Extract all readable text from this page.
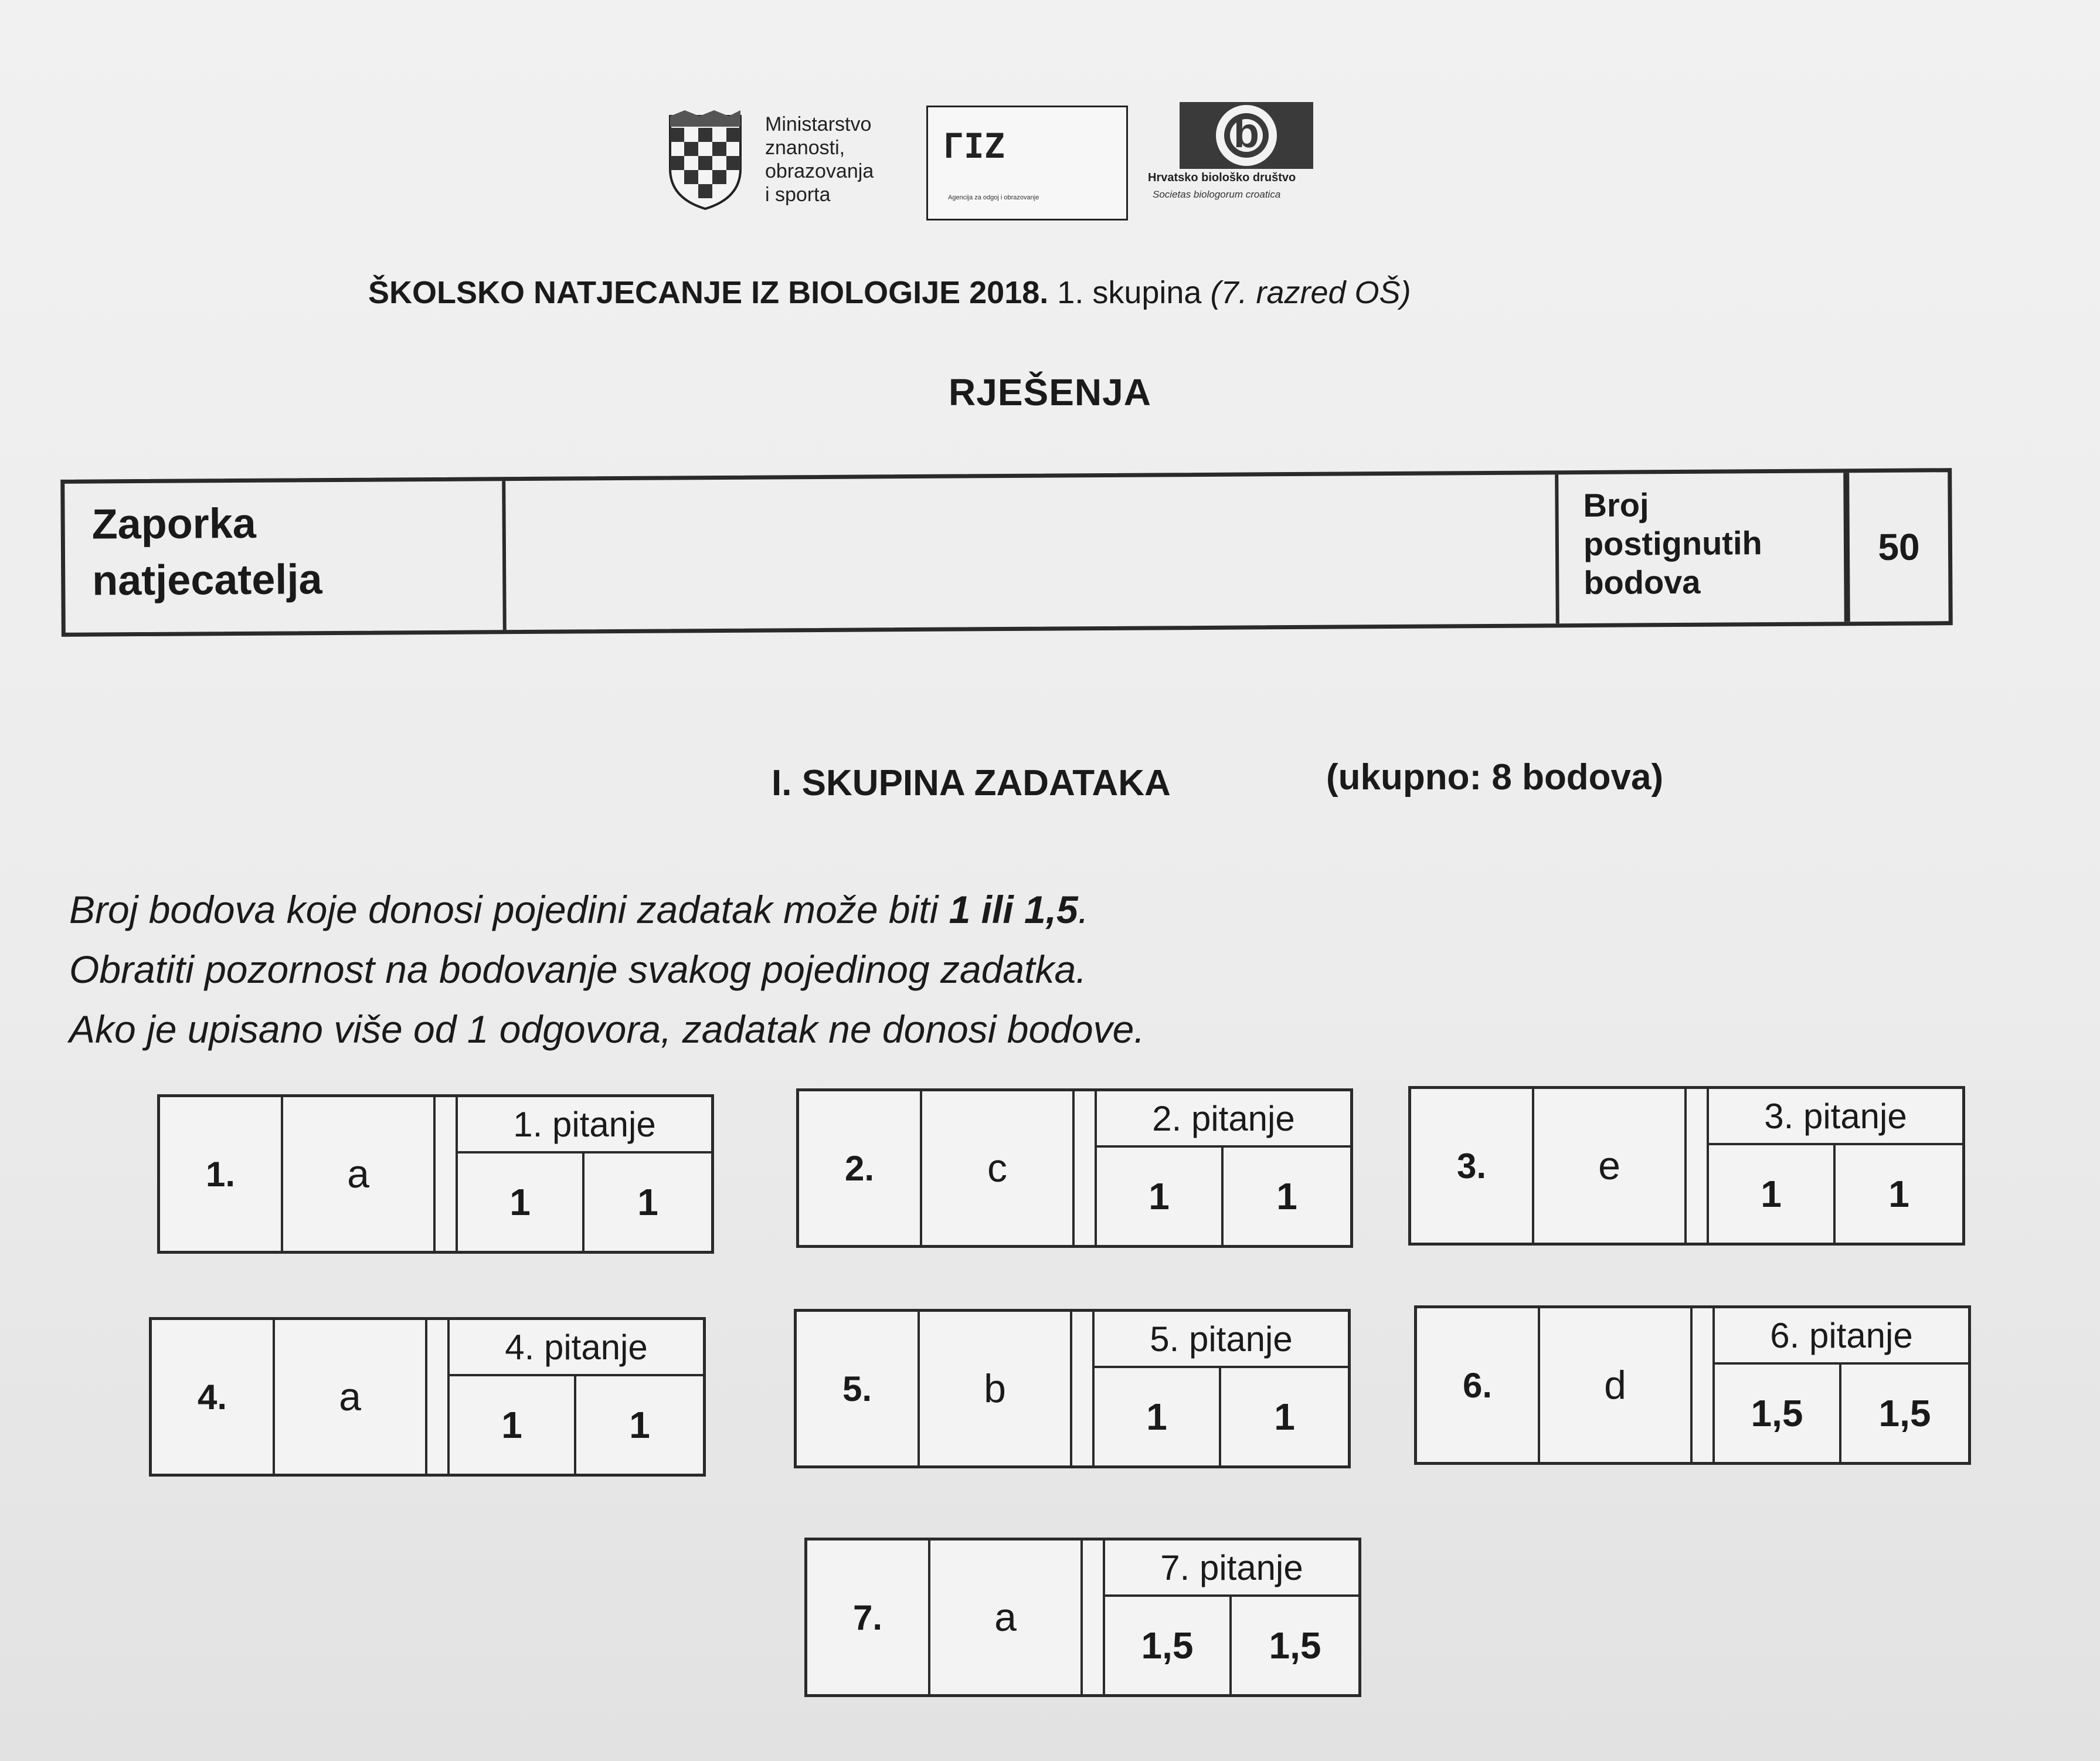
Ministarstvo
znanosti,
obrazovanja
i sporta
ΓΙZ
Agencija za odgoj i obrazovanje
b
Hrvatsko biološko društvo
Societas biologorum croatica
ŠKOLSKO NATJECANJE IZ BIOLOGIJE 2018. 1. skupina (7. razred OŠ)
RJEŠENJA
Zaporka
natjecatelja
Broj
postignutih
bodova
50
I. SKUPINA ZADATAKA	(ukupno: 8 bodova)
Broj bodova koje donosi pojedini zadatak može biti 1 ili 1,5.
Obratiti pozornost na bodovanje svakog pojedinog zadatka.
Ako je upisano više od 1 odgovora, zadatak ne donosi bodove.
1.	a
1. pitanje
1	1
2.	c
2. pitanje
1	1
3.	e
3. pitanje
1	1
4.	a
4. pitanje
1	1
5.	b
5. pitanje
1	1
6.	d
6. pitanje
1,5	1,5
7.	a
7. pitanje
1,5	1,5
